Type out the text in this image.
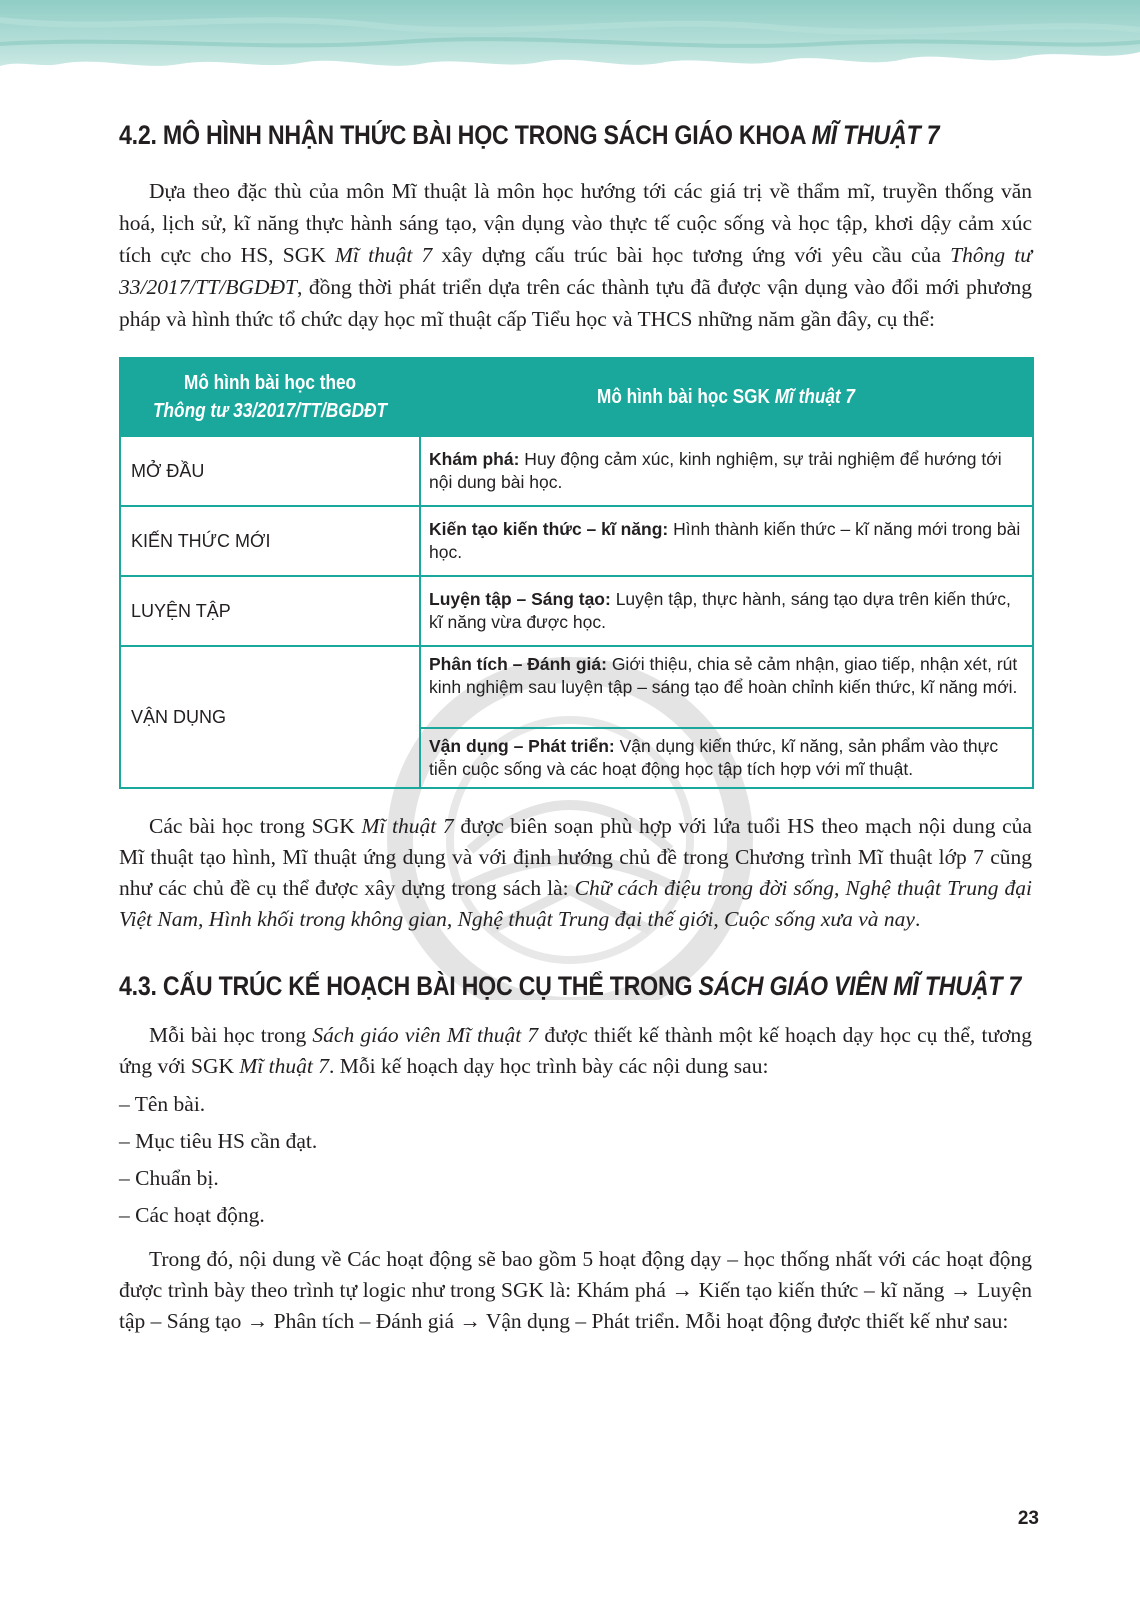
4.2. MÔ HÌNH NHẬN THỨC BÀI HỌC TRONG SÁCH GIÁO KHOA MĨ THUẬT 7

Dựa theo đặc thù của môn Mĩ thuật là môn học hướng tới các giá trị về thẩm mĩ, truyền thống văn hoá, lịch sử, kĩ năng thực hành sáng tạo, vận dụng vào thực tế cuộc sống và học tập, khơi dậy cảm xúc tích cực cho HS, SGK Mĩ thuật 7 xây dựng cấu trúc bài học tương ứng với yêu cầu của Thông tư 33/2017/TT/BGDĐT, đồng thời phát triển dựa trên các thành tựu đã được vận dụng vào đổi mới phương pháp và hình thức tổ chức dạy học mĩ thuật cấp Tiểu học và THCS những năm gần đây, cụ thể:

Mô hình bài học theo
Thông tư 33/2017/TT/BGDĐT	Mô hình bài học SGK Mĩ thuật 7
MỞ ĐẦU	Khám phá: Huy động cảm xúc, kinh nghiệm, sự trải nghiệm để hướng tới nội dung bài học.
KIẾN THỨC MỚI	Kiến tạo kiến thức – kĩ năng: Hình thành kiến thức – kĩ năng mới trong bài học.
LUYỆN TẬP	Luyện tập – Sáng tạo: Luyện tập, thực hành, sáng tạo dựa trên kiến thức, kĩ năng vừa được học.
VẬN DỤNG	Phân tích – Đánh giá: Giới thiệu, chia sẻ cảm nhận, giao tiếp, nhận xét, rút kinh nghiệm sau luyện tập – sáng tạo để hoàn chỉnh kiến thức, kĩ năng mới.
Vận dụng – Phát triển: Vận dụng kiến thức, kĩ năng, sản phẩm vào thực tiễn cuộc sống và các hoạt động học tập tích hợp với mĩ thuật.

Các bài học trong SGK Mĩ thuật 7 được biên soạn phù hợp với lứa tuổi HS theo mạch nội dung của Mĩ thuật tạo hình, Mĩ thuật ứng dụng và với định hướng chủ đề trong Chương trình Mĩ thuật lớp 7 cũng như các chủ đề cụ thể được xây dựng trong sách là: Chữ cách điệu trong đời sống, Nghệ thuật Trung đại Việt Nam, Hình khối trong không gian, Nghệ thuật Trung đại thế giới, Cuộc sống xưa và nay.

4.3. CẤU TRÚC KẾ HOẠCH BÀI HỌC CỤ THỂ TRONG SÁCH GIÁO VIÊN MĨ THUẬT 7

Mỗi bài học trong Sách giáo viên Mĩ thuật 7 được thiết kế thành một kế hoạch dạy học cụ thể, tương ứng với SGK Mĩ thuật 7. Mỗi kế hoạch dạy học trình bày các nội dung sau:

– Tên bài.
– Mục tiêu HS cần đạt.
– Chuẩn bị.
– Các hoạt động.

Trong đó, nội dung về Các hoạt động sẽ bao gồm 5 hoạt động dạy – học thống nhất với các hoạt động được trình bày theo trình tự logic như trong SGK là: Khám phá → Kiến tạo kiến thức – kĩ năng → Luyện tập – Sáng tạo → Phân tích – Đánh giá → Vận dụng – Phát triển. Mỗi hoạt động được thiết kế như sau:

23
